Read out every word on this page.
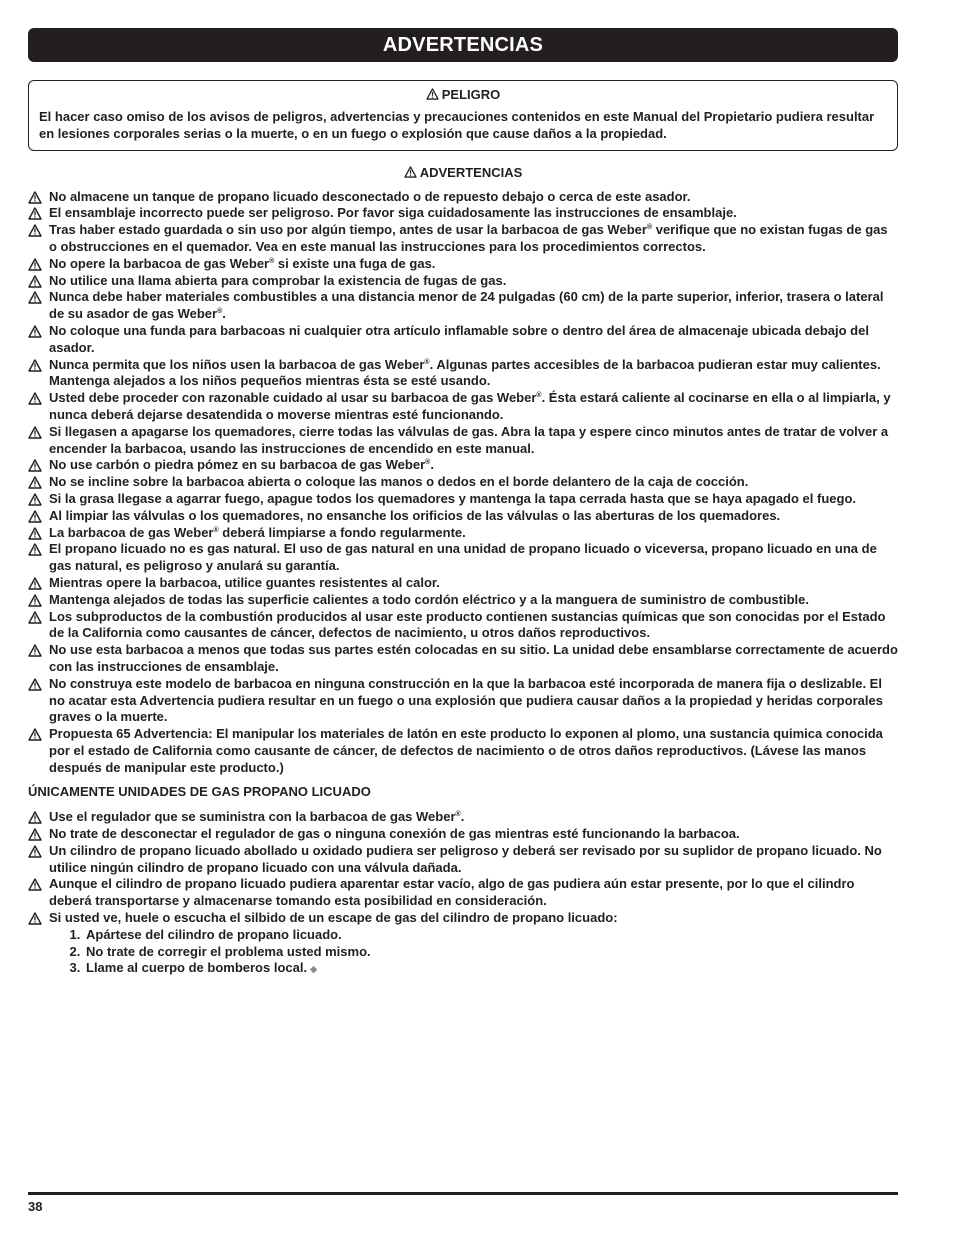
ADVERTENCIAS
PELIGRO
El hacer caso omiso de los avisos de peligros, advertencias y precauciones contenidos en este Manual del Propietario pudiera resultar en lesiones corporales serias o la muerte, o en un fuego o explosión que cause daños a la propiedad.
ADVERTENCIAS
No almacene un tanque de propano licuado desconectado o de repuesto debajo o cerca de este asador.
El ensamblaje incorrecto puede ser peligroso. Por favor siga cuidadosamente las instrucciones de ensamblaje.
Tras haber estado guardada o sin uso por algún tiempo, antes de usar la barbacoa de gas Weber® verifique que no existan fugas de gas o obstrucciones en el quemador. Vea en este manual las instrucciones para los procedimientos correctos.
No opere la barbacoa de gas Weber® si existe una fuga de gas.
No utilice una llama abierta para comprobar la existencia de fugas de gas.
Nunca debe haber materiales combustibles a una distancia menor de 24 pulgadas (60 cm) de la parte superior, inferior, trasera o lateral de su asador de gas Weber®.
No coloque una funda para barbacoas ni cualquier otra artículo inflamable sobre o dentro del área de almacenaje ubicada debajo del asador.
Nunca permita que los niños usen la barbacoa de gas Weber®. Algunas partes accesibles de la barbacoa pudieran estar muy calientes. Mantenga alejados a los niños pequeños mientras ésta se esté usando.
Usted debe proceder con razonable cuidado al usar su barbacoa de gas Weber®. Ésta estará caliente al cocinarse en ella o al limpiarla, y nunca deberá dejarse desatendida o moverse mientras esté funcionando.
Si llegasen a apagarse los quemadores, cierre todas las válvulas de gas. Abra la tapa y espere cinco minutos antes de tratar de volver a encender la barbacoa, usando las instrucciones de encendido en este manual.
No use carbón o piedra pómez en su barbacoa de gas Weber®.
No se incline sobre la barbacoa abierta o coloque las manos o dedos en el borde delantero de la caja de cocción.
Si la grasa llegase a agarrar fuego, apague todos los quemadores y mantenga la tapa cerrada hasta que se haya apagado el fuego.
Al limpiar las válvulas o los quemadores, no ensanche los orificios de las válvulas o las aberturas de los quemadores.
La barbacoa de gas Weber® deberá limpiarse a fondo regularmente.
El propano licuado no es gas natural. El uso de gas natural en una unidad de propano licuado o viceversa, propano licuado en una de gas natural, es peligroso y anulará su garantía.
Mientras opere la barbacoa, utilice guantes resistentes al calor.
Mantenga alejados de todas las superficie calientes a todo cordón eléctrico y a la manguera de suministro de combustible.
Los subproductos de la combustión producidos al usar este producto contienen sustancias químicas que son conocidas por el Estado de la California como causantes de cáncer, defectos de nacimiento, u otros daños reproductivos.
No use esta barbacoa a menos que todas sus partes estén colocadas en su sitio. La unidad debe ensamblarse correctamente de acuerdo con las instrucciones de ensamblaje.
No construya este modelo de barbacoa en ninguna construcción en la que la barbacoa esté incorporada de manera fija o deslizable. El no acatar esta Advertencia pudiera resultar en un fuego o una explosión que pudiera causar daños a la propiedad y heridas corporales graves o la muerte.
Propuesta 65 Advertencia: El manipular los materiales de latón en este producto lo exponen al plomo, una sustancia quimica conocida por el estado de California como causante de cáncer, de defectos de nacimiento o de otros daños reproductivos. (Lávese las manos después de manipular este producto.)
ÚNICAMENTE UNIDADES DE GAS PROPANO LICUADO
Use el regulador que se suministra con la barbacoa de gas Weber®.
No trate de desconectar el regulador de gas o ninguna conexión de gas mientras esté funcionando la barbacoa.
Un cilindro de propano licuado abollado u oxidado pudiera ser peligroso y deberá ser revisado por su suplidor de propano licuado. No utilice ningún cilindro de propano licuado con una válvula dañada.
Aunque el cilindro de propano licuado pudiera aparentar estar vacío, algo de gas pudiera aún estar presente, por lo que el cilindro deberá transportarse y almacenarse tomando esta posibilidad en consideración.
Si usted ve, huele o escucha el silbido de un escape de gas del cilindro de propano licuado:
1. Apártese del cilindro de propano licuado.
2. No trate de corregir el problema usted mismo.
3. Llame al cuerpo de bomberos local. ◆
38
